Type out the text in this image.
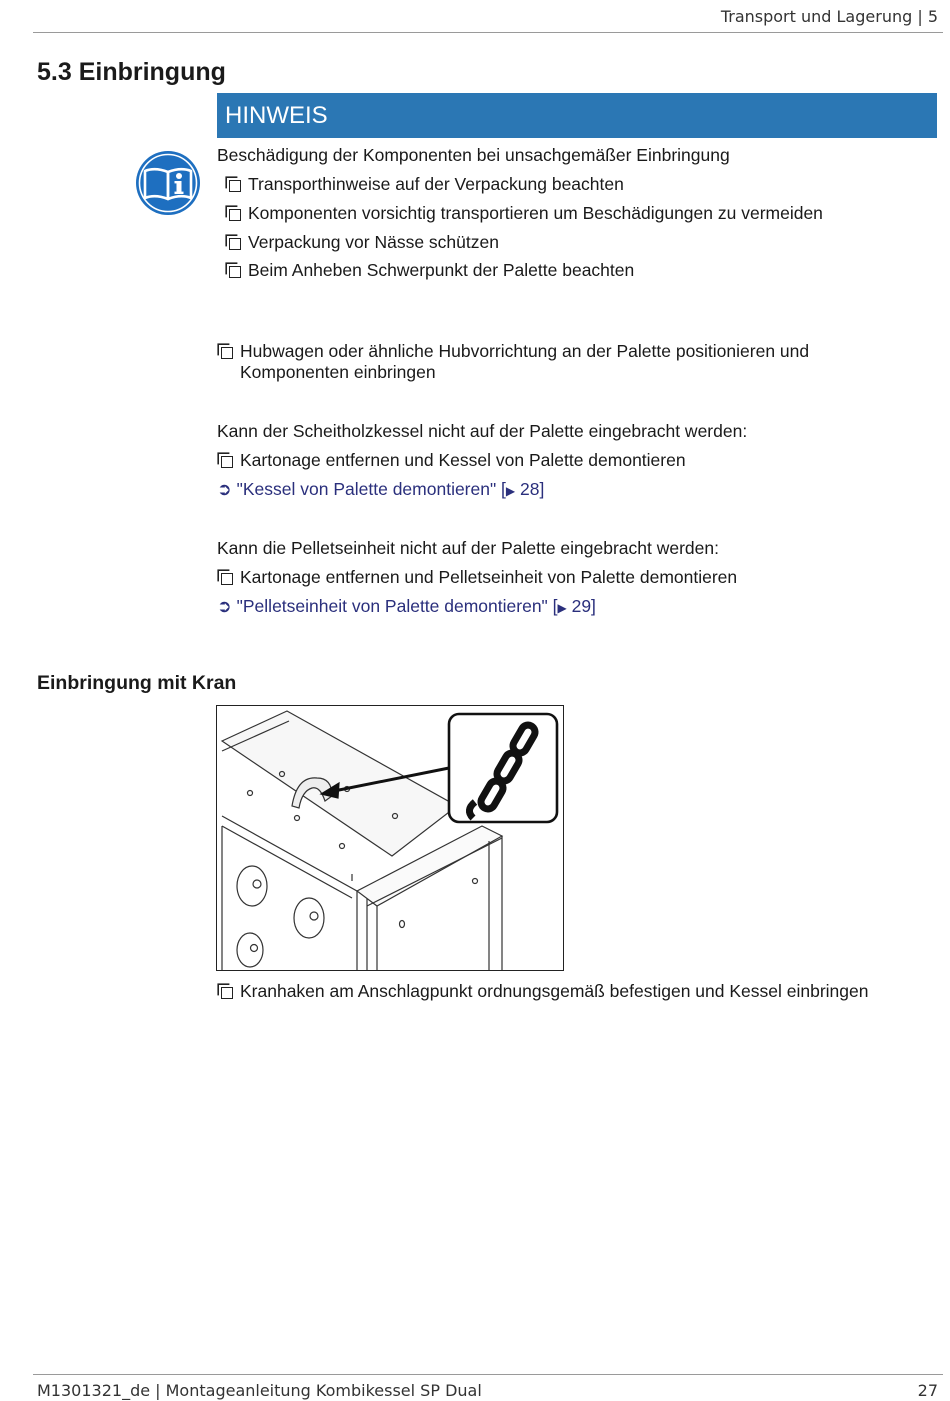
Transport und Lagerung | 5
5.3 Einbringung
HINWEIS
Beschädigung der Komponenten bei unsachgemäßer Einbringung
Transporthinweise auf der Verpackung beachten
Komponenten vorsichtig transportieren um Beschädigungen zu vermeiden
Verpackung vor Nässe schützen
Beim Anheben Schwerpunkt der Palette beachten
Hubwagen oder ähnliche Hubvorrichtung an der Palette positionieren und
Komponenten einbringen
Kann der Scheitholzkessel nicht auf der Palette eingebracht werden:
Kartonage entfernen und Kessel von Palette demontieren
➲ "Kessel von Palette demontieren" [▶ 28]
Kann die Pelletseinheit nicht auf der Palette eingebracht werden:
Kartonage entfernen und Pelletseinheit von Palette demontieren
➲ "Pelletseinheit von Palette demontieren" [▶ 29]
Einbringung mit Kran
Kranhaken am Anschlagpunkt ordnungsgemäß befestigen und Kessel einbringen
M1301321_de | Montageanleitung Kombikessel SP Dual	27
